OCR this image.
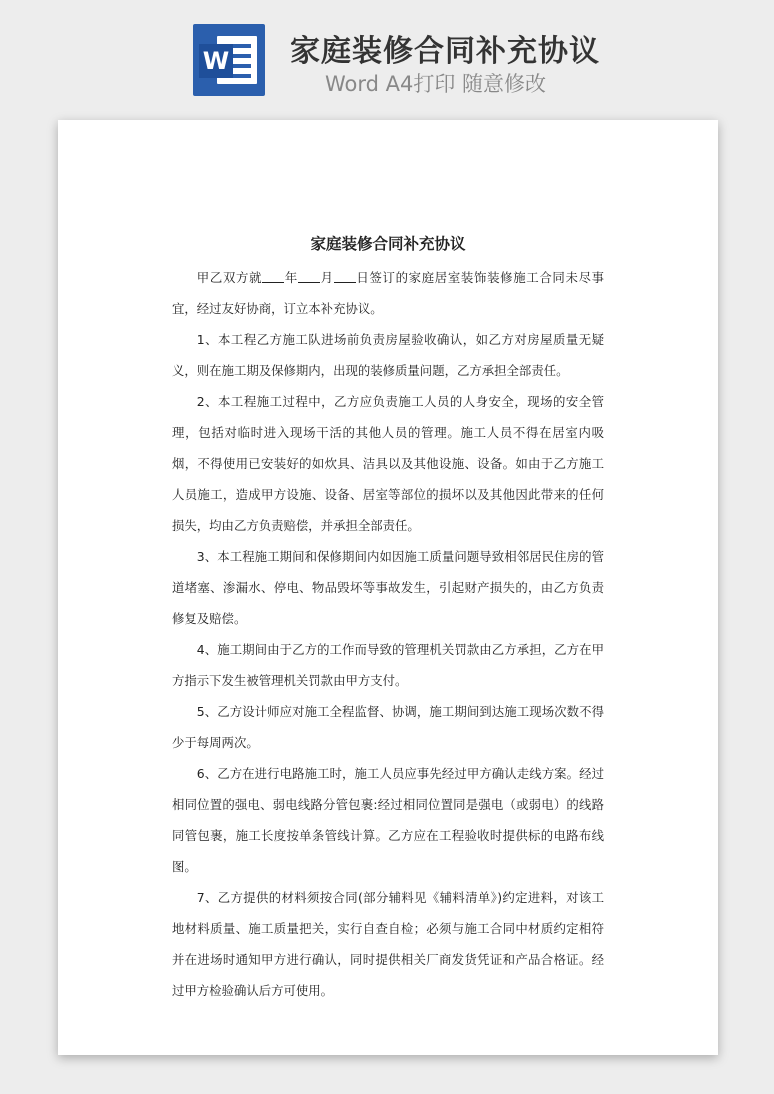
W 家庭装修合同补充协议
Word A4打印 随意修改
家庭装修合同补充协议

甲乙双方就 年 月 日签订的家庭居室装饰装修施工合同未尽事宜，经过友好协商，订立本补充协议。

1、本工程乙方施工队进场前负责房屋验收确认，如乙方对房屋质量无疑义，则在施工期及保修期内，出现的装修质量问题，乙方承担全部责任。

2、本工程施工过程中，乙方应负责施工人员的人身安全，现场的安全管理，包括对临时进入现场干活的其他人员的管理。施工人员不得在居室内吸烟，不得使用已安装好的如炊具、洁具以及其他设施、设备。如由于乙方施工人员施工，造成甲方设施、设备、居室等部位的损坏以及其他因此带来的任何损失，均由乙方负责赔偿，并承担全部责任。

3、本工程施工期间和保修期间内如因施工质量问题导致相邻居民住房的管道堵塞、渗漏水、停电、物品毁坏等事故发生，引起财产损失的，由乙方负责修复及赔偿。

4、施工期间由于乙方的工作而导致的管理机关罚款由乙方承担，乙方在甲方指示下发生被管理机关罚款由甲方支付。

5、乙方设计师应对施工全程监督、协调，施工期间到达施工现场次数不得少于每周两次。

6、乙方在进行电路施工时，施工人员应事先经过甲方确认走线方案。经过相同位置的强电、弱电线路分管包裹:经过相同位置同是强电（或弱电）的线路同管包裹，施工长度按单条管线计算。乙方应在工程验收时提供标的电路布线图。

7、乙方提供的材料须按合同(部分辅料见《辅料清单》)约定进料，对该工地材料质量、施工质量把关，实行自查自检；必须与施工合同中材质约定相符并在进场时通知甲方进行确认，同时提供相关厂商发货凭证和产品合格证。经过甲方检验确认后方可使用。
